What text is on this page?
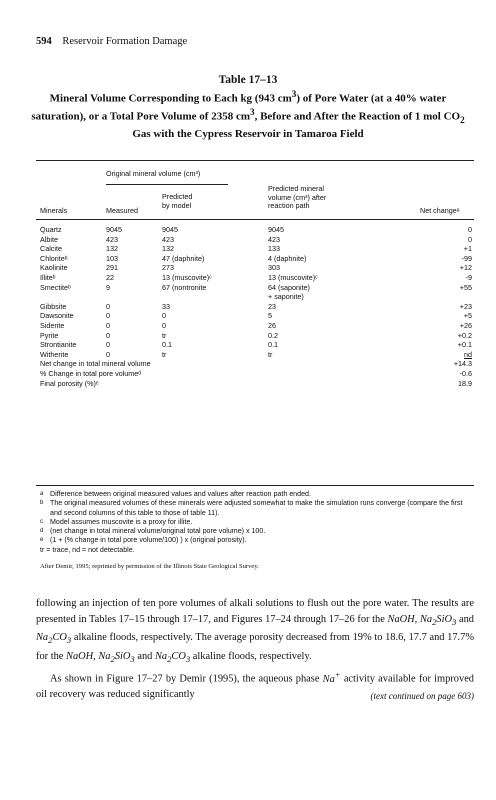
594 Reservoir Formation Damage
Table 17–13
Mineral Volume Corresponding to Each kg (943 $cm^3$) of Pore Water (at a 40% water saturation), or a Total Pore Volume of 2358 $cm^3$, Before and After the Reaction of 1 mol $CO_2$ Gas with the Cypress Reservoir in Tamaroa Field
Original mineral volume (cm³)
Predicted
by model
Predicted mineral
volume (cm³) after
reaction path
Minerals	Measured	Net changeᵃ
Quartz	9045	9045	9045	0
Albite	423	423	423	0
Calcite	132	132	133	+1
Chloriteᵇ	103	47 (daphnite)	4 (daphnite)	-99
Kaolinite	291	273	303	+12
Illiteᵇ	22	13 (muscovite)ᶜ	13 (muscovite)ᶜ	-9
Smectiteᵇ	9	67 (nontronite	64 (saponite)	+55
+ saponite)
Gibbsite	0	33	23	+23
Dawsonite	0	0	5	+5
Siderite	0	0	26	+26
Pyrite	0	tr	0.2	+0.2
Strontianite	0	0.1	0.1	+0.1
Witherite	0	tr	tr	nd
Net change in total mineral volume	+14.3
% Change in total pore volumeᵈ	-0.6
Final porosity (%)ᵉ	18.9
a Difference between original measured values and values after reaction path ended.
b The original measured volumes of these minerals were adjusted somewhat to make the simulation runs converge (compare the first and second columns of this table to those of table 11).
c Model assumes muscovite is a proxy for illite.
d (net change in total mineral volume/original total pore volume) x 100.
e (1 + (% change in total pore volume/100) ) x (original porosity).
tr = trace, nd = not detectable.
After Demir, 1995; reprinted by permission of the Illinois State Geological Survey.

following an injection of ten pore volumes of alkali solutions to flush out the pore water. The results are presented in Tables 17–15 through 17–17, and Figures 17–24 through 17–26 for the NaOH, $Na_2SiO_3$ and $Na_2CO_3$ alkaline floods, respectively. The average porosity decreased from 19% to 18.6, 17.7 and 17.7% for the NaOH, $Na_2SiO_3$ and $Na_2CO_3$ alkaline floods, respectively.

As shown in Figure 17–27 by Demir (1995), the aqueous phase Na+ activity available for improved oil recovery was reduced significantly	(text continued on page 603)
